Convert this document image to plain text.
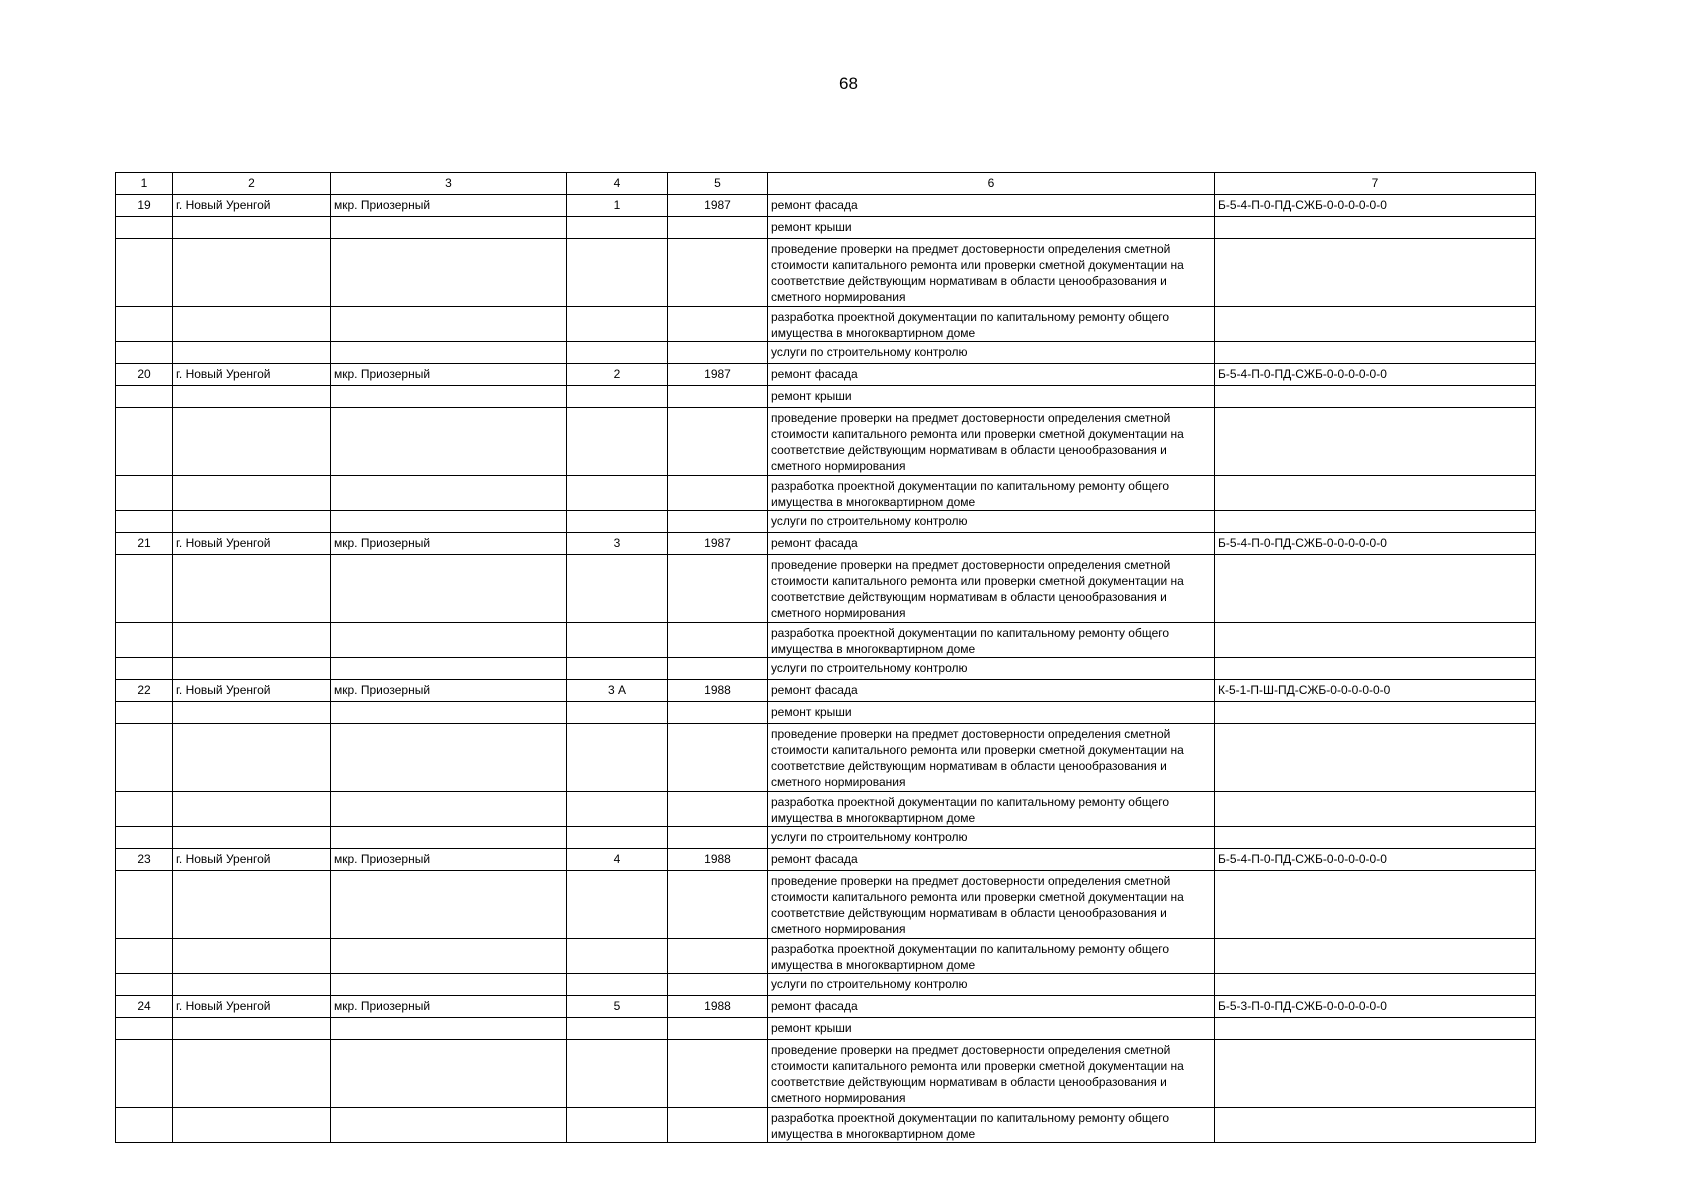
68
1	2	3	4	5	6	7
19	г. Новый Уренгой	мкр. Приозерный	1	1987	ремонт фасада	Б-5-4-П-0-ПД-СЖБ-0-0-0-0-0-0
					ремонт крыши	
					проведение проверки на предмет достоверности определения сметной стоимости капитального ремонта или проверки сметной документации на соответствие действующим нормативам в области ценообразования и сметного нормирования	
					разработка проектной документации по капитальному ремонту общего имущества в многоквартирном доме	
					услуги по строительному контролю	
20	г. Новый Уренгой	мкр. Приозерный	2	1987	ремонт фасада	Б-5-4-П-0-ПД-СЖБ-0-0-0-0-0-0
					ремонт крыши	
					проведение проверки на предмет достоверности определения сметной стоимости капитального ремонта или проверки сметной документации на соответствие действующим нормативам в области ценообразования и сметного нормирования	
					разработка проектной документации по капитальному ремонту общего имущества в многоквартирном доме	
					услуги по строительному контролю	
21	г. Новый Уренгой	мкр. Приозерный	3	1987	ремонт фасада	Б-5-4-П-0-ПД-СЖБ-0-0-0-0-0-0
					проведение проверки на предмет достоверности определения сметной стоимости капитального ремонта или проверки сметной документации на соответствие действующим нормативам в области ценообразования и сметного нормирования	
					разработка проектной документации по капитальному ремонту общего имущества в многоквартирном доме	
					услуги по строительному контролю	
22	г. Новый Уренгой	мкр. Приозерный	3 А	1988	ремонт фасада	К-5-1-П-Ш-ПД-СЖБ-0-0-0-0-0-0
					ремонт крыши	
					проведение проверки на предмет достоверности определения сметной стоимости капитального ремонта или проверки сметной документации на соответствие действующим нормативам в области ценообразования и сметного нормирования	
					разработка проектной документации по капитальному ремонту общего имущества в многоквартирном доме	
					услуги по строительному контролю	
23	г. Новый Уренгой	мкр. Приозерный	4	1988	ремонт фасада	Б-5-4-П-0-ПД-СЖБ-0-0-0-0-0-0
					проведение проверки на предмет достоверности определения сметной стоимости капитального ремонта или проверки сметной документации на соответствие действующим нормативам в области ценообразования и сметного нормирования	
					разработка проектной документации по капитальному ремонту общего имущества в многоквартирном доме	
					услуги по строительному контролю	
24	г. Новый Уренгой	мкр. Приозерный	5	1988	ремонт фасада	Б-5-3-П-0-ПД-СЖБ-0-0-0-0-0-0
					ремонт крыши	
					проведение проверки на предмет достоверности определения сметной стоимости капитального ремонта или проверки сметной документации на соответствие действующим нормативам в области ценообразования и сметного нормирования	
					разработка проектной документации по капитальному ремонту общего имущества в многоквартирном доме	
